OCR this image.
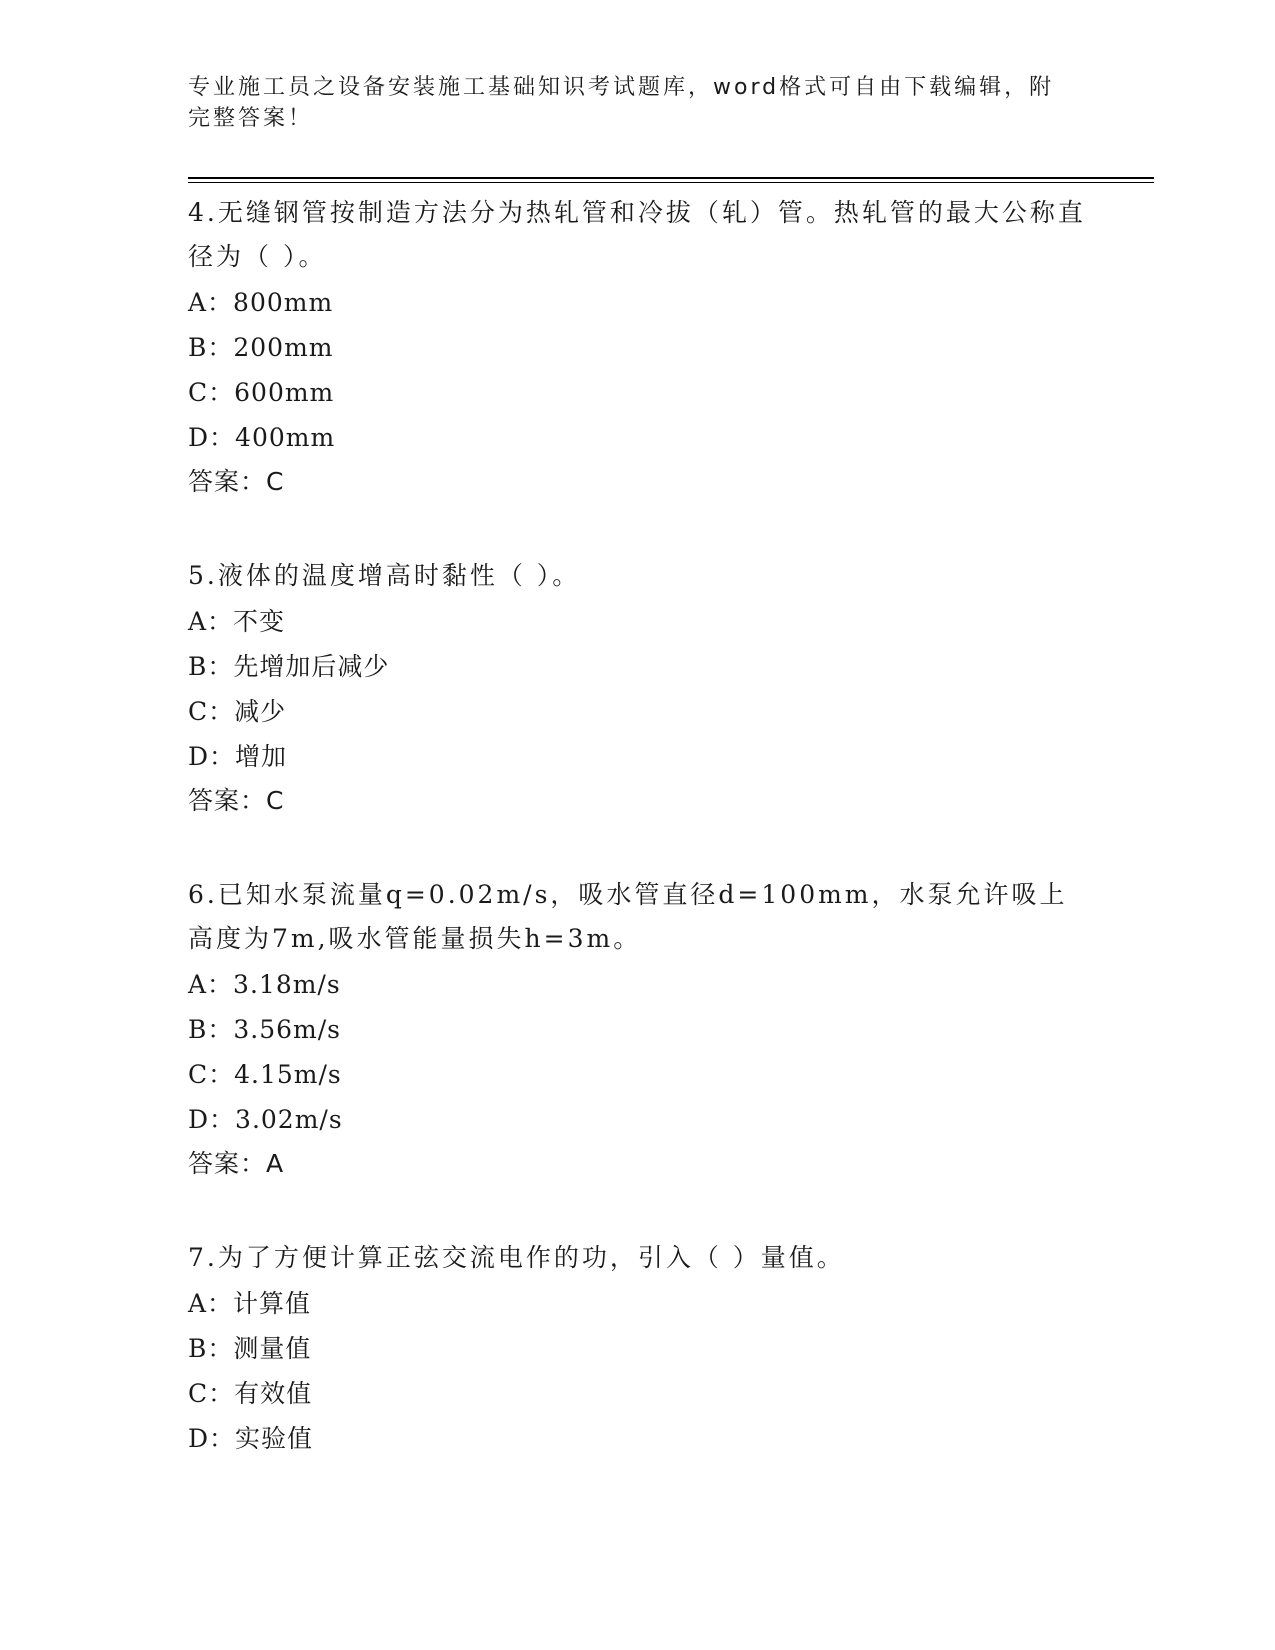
专业施工员之设备安装施工基础知识考试题库，word格式可自由下载编辑，附完整答案！
4.无缝钢管按制造方法分为热轧管和冷拔（轧）管。热轧管的最大公称直径为（ ）。
A：800mm
B：200mm
C：600mm
D：400mm
答案：C
5.液体的温度增高时黏性（ ）。
A：不变
B：先增加后减少
C：减少
D：增加
答案：C
6.已知水泵流量q=0.02m/s，吸水管直径d=100mm，水泵允许吸上高度为7m,吸水管能量损失h=3m。
A：3.18m/s
B：3.56m/s
C：4.15m/s
D：3.02m/s
答案：A
7.为了方便计算正弦交流电作的功，引入（ ）量值。
A：计算值
B：测量值
C：有效值
D：实验值
